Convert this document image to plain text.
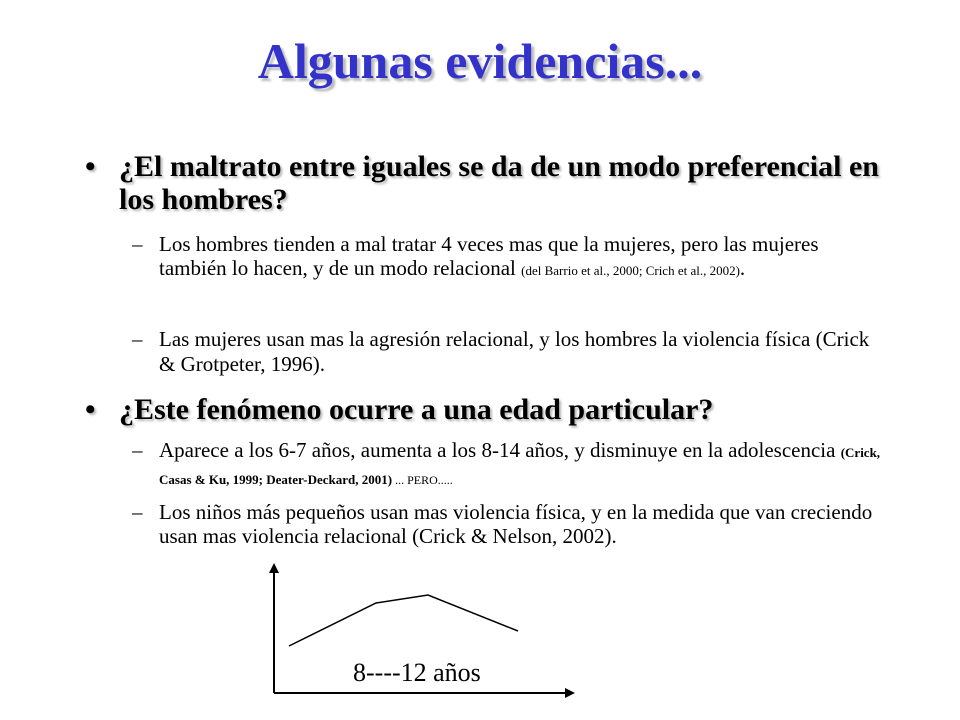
Algunas evidencias...
• ¿El maltrato entre iguales se da de un modo preferencial en los hombres?
– Los hombres tienden a mal tratar 4 veces mas que la mujeres, pero las mujeres también lo hacen, y de un modo relacional (del Barrio et al., 2000; Crich et al., 2002).
– Las mujeres usan mas la agresión relacional, y los hombres la violencia física (Crick & Grotpeter, 1996).
• ¿Este fenómeno ocurre a una edad particular?
– Aparece a los 6-7 años, aumenta a los 8-14 años, y disminuye en la adolescencia (Crick, Casas & Ku, 1999; Deater-Deckard, 2001) ... PERO.....
– Los niños más pequeños usan mas violencia física, y en la medida que van creciendo usan mas violencia relacional (Crick & Nelson, 2002).
8----12 años
